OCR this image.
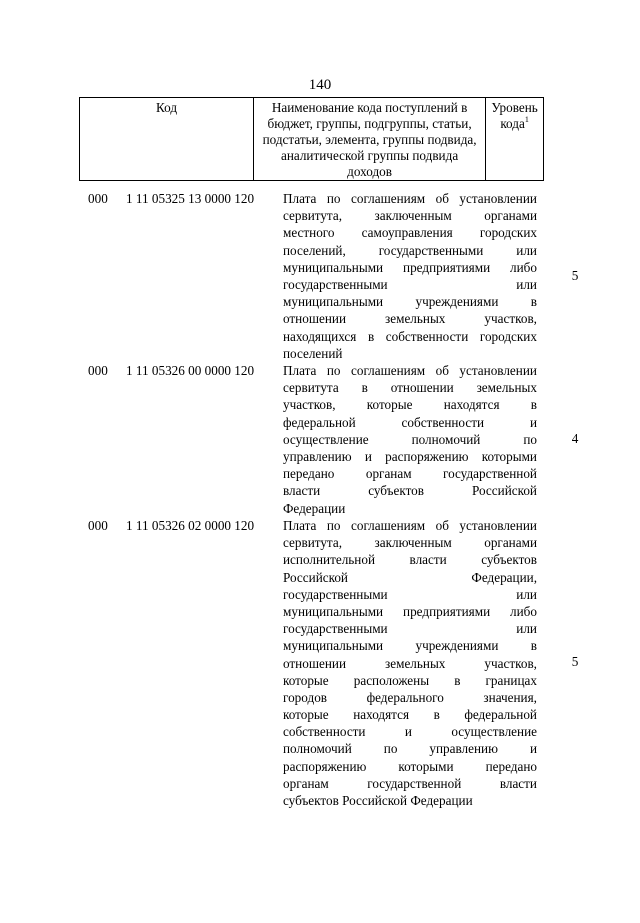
140
Код	Наименование кода поступлений в
бюджет, группы, подгруппы, статьи,
подстатьи, элемента, группы подвида,
аналитической группы подвида доходов

Уровень
кода$^1$
000 1 11 05325 13 0000 120 Плата по соглашениям об установлении
сервитута, заключенным органами
местного самоуправления городских
поселений, государственными или
муниципальными предприятиями либо
государственными	или
муниципальными учреждениями в
отношении	земельных	участков,
находящихся в собственности городских
поселений
5
000 1 11 05326 00 0000 120 Плата по соглашениям об установлении
сервитута в отношении земельных
участков, которые находятся в
федеральной	собственности	и
осуществление	полномочий	по
управлению и распоряжению которыми
передано органам государственной
власти	субъектов	Российской
Федерации
4
000 1 11 05326 02 0000 120 Плата по соглашениям об установлении
сервитута, заключенным органами
исполнительной	власти	субъектов
Российской	Федерации,
государственными	или
муниципальными предприятиями либо
государственными	или
муниципальными учреждениями в
отношении	земельных	участков,
которые расположены в границах
городов	федерального	значения,
которые находятся в федеральной
собственности	и	осуществление
полномочий по управлению и
распоряжению которыми передано
органам	государственной	власти
субъектов Российской Федерации
5
